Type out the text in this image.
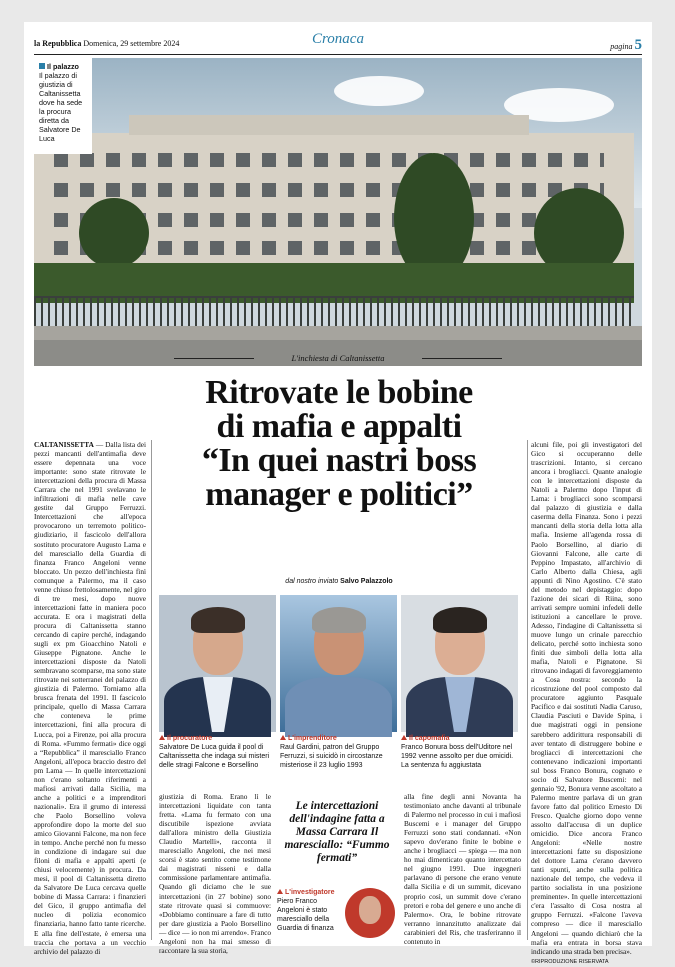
la Repubblica Domenica, 29 settembre 2024	Cronaca	pagina 5
Il palazzo
Il palazzo di giustizia di Caltanissetta dove ha sede la procura diretta da Salvatore De Luca
L'inchiesta di Caltanissetta
Ritrovate le bobine
di mafia e appalti
“In quei nastri boss
manager e politici”
dal nostro inviato Salvo Palazzolo
CALTANISSETTA — Dalla lista dei pezzi mancanti dell'antimafia deve essere depennata una voce importante: sono state ritrovate le intercettazioni della procura di Massa Carrara che nel 1991 svelavano le infiltrazioni di mafia nelle cave gestite dal Gruppo Ferruzzi. Intercettazioni che all'epoca provocarono un terremoto politico-giudiziario, il fascicolo dell'allora sostituto procuratore Augusto Lama e del maresciallo della Guardia di finanza Franco Angeloni venne bloccato. Un pezzo dell'inchiesta finì comunque a Palermo, ma il caso venne chiuso frettolosamente, nel giro di tre mesi, dopo nuove intercettazioni fatte in maniera poco accurata. E ora i magistrati della procura di Caltanissetta stanno cercando di capire perché, indagando sugli ex pm Gioacchino Natoli e Giuseppe Pignatone. Anche le intercettazioni disposte da Natoli sembravano scomparse, ma sono state ritrovate nei sotterranei del palazzo di giustizia di Palermo. Torniamo alla brusca frenata del 1991. Il fascicolo principale, quello di Massa Carrara che conteneva le prime intercettazioni, finì alla procura di Lucca, poi a Firenze, poi alla procura di Roma. «Fummo fermati» dice oggi a “Repubblica” il maresciallo Franco Angeloni, all'epoca braccio destro del pm Lama — In quelle intercettazioni non c'erano soltanto riferimenti a mafiosi arrivati dalla Sicilia, ma anche a politici e a imprenditori nazionali». Era il grumo di interessi che Paolo Borsellino voleva approfondire dopo la morte del suo amico Giovanni Falcone, ma non fece in tempo. Anche perché non fu messo in condizione di indagare sui due filoni di mafia e appalti aperti (e chiusi velocemente) in procura. Da mesi, il pool di Caltanissetta diretto da Salvatore De Luca cercava quelle bobine di Massa Carrara: i finanzieri del Gico, il gruppo antimafia del nucleo di polizia economico finanziaria, hanno fatto tante ricerche. E alla fine dell'estate, è emersa una traccia che portava a un vecchio archivio del palazzo di
alcuni file, poi gli investigatori del Gico si occuperanno delle trascrizioni. Intanto, si cercano ancora i brogliacci. Quante analogie con le intercettazioni disposte da Natoli a Palermo dopo l'input di Lama: i brogliacci sono scomparsi dal palazzo di giustizia e dalla caserma della Finanza. Sono i pezzi mancanti della storia della lotta alla mafia. Insieme all'agenda rossa di Paolo Borsellino, al diario di Giovanni Falcone, alle carte di Peppino Impastato, all'archivio di Carlo Alberto dalla Chiesa, agli appunti di Nino Agostino. C'è stato del metodo nel depistaggio: dopo l'azione dei sicari di Riina, sono arrivati sempre uomini infedeli delle istituzioni a cancellare le prove. Adesso, l'indagine di Caltanissetta si muove lungo un crinale parecchio delicato, perché sotto inchiesta sono finiti due simboli della lotta alla mafia, Natoli e Pignatone. Si ritrovano indagati di favoreggiamento a Cosa nostra: secondo la ricostruzione del pool composto dal procuratore aggiunto Pasquale Pacifico e dai sostituti Nadia Caruso, Claudia Pasciuti e Davide Spina, i due magistrati oggi in pensione sarebbero addirittura responsabili di aver tentato di distruggere bobine e brogliacci di intercettazioni che contenevano indicazioni importanti sul boss Franco Bonura, cognato e socio di Salvatore Buscemi: nel gennaio '92, Bonura venne ascoltato a Palermo mentre parlava di un gran favore fatto dal politico Ernesto Di Fresco. Qualche giorno dopo venne assolto dall'accusa di un duplice omicidio. Dice ancora Franco Angeloni: «Nelle nostre intercettazioni fatte su disposizione del dottore Lama c'erano davvero tanti spunti, anche sulla politica nazionale del tempo, che vedeva il partito socialista in una posizione preminente». In quelle intercettazioni c'era l'assalto di Cosa nostra al gruppo Ferruzzi. «Falcone l'aveva compreso — dice il maresciallo Angeloni — quando dichiarò che la mafia era entrata in borsa stava indicando una strada ben precisa».
©RIPRODUZIONE RISERVATA
Il procuratore
Salvatore De Luca guida il pool di Caltanissetta che indaga sui misteri delle stragi Falcone e Borsellino
L'imprenditore
Raul Gardini, patron del Gruppo Ferruzzi, si suicidò in circostanze misteriose il 23 luglio 1993
Il capomafia
Franco Bonura boss dell'Uditore nel 1992 venne assolto per due omicidi. La sentenza fu aggiustata
giustizia di Roma. Erano lì le intercettazioni liquidate con tanta fretta. «Lama fu fermato con una discutibile ispezione avviata dall'allora ministro della Giustizia Claudio Martelli», racconta il maresciallo Angeloni, che nei mesi scorsi è stato sentito come testimone dai magistrati nisseni e dalla commissione parlamentare antimafia. Quando gli diciamo che le sue intercettazioni (in 27 bobine) sono state ritrovate quasi si commuove: «Dobbiamo continuare a fare di tutto per dare giustizia a Paolo Borsellino — dice — io non mi arrendo». Franco Angeloni non ha mai smesso di raccontare la sua storia,
Le intercettazioni dell'indagine fatta a Massa Carrara Il maresciallo: “Fummo fermati”
L'investigatore
Piero Franco Angeloni è stato maresciallo della Guardia di finanza
alla fine degli anni Novanta ha testimoniato anche davanti al tribunale di Palermo nel processo in cui i mafiosi Buscemi e i manager del Gruppo Ferruzzi sono stati condannati. «Non sapevo dov'erano finite le bobine e anche i brogliacci — spiega — ma non ho mai dimenticato quanto intercettato nel giugno 1991. Due ingegneri parlavano di persone che erano venute dalla Sicilia e di un summit, dicevano proprio così, un summit dove c'erano pretori e roba del genere e uno anche di Palermo». Ora, le bobine ritrovate verranno innanzitutto analizzate dai carabinieri del Ris, che trasferiranno il contenuto in
